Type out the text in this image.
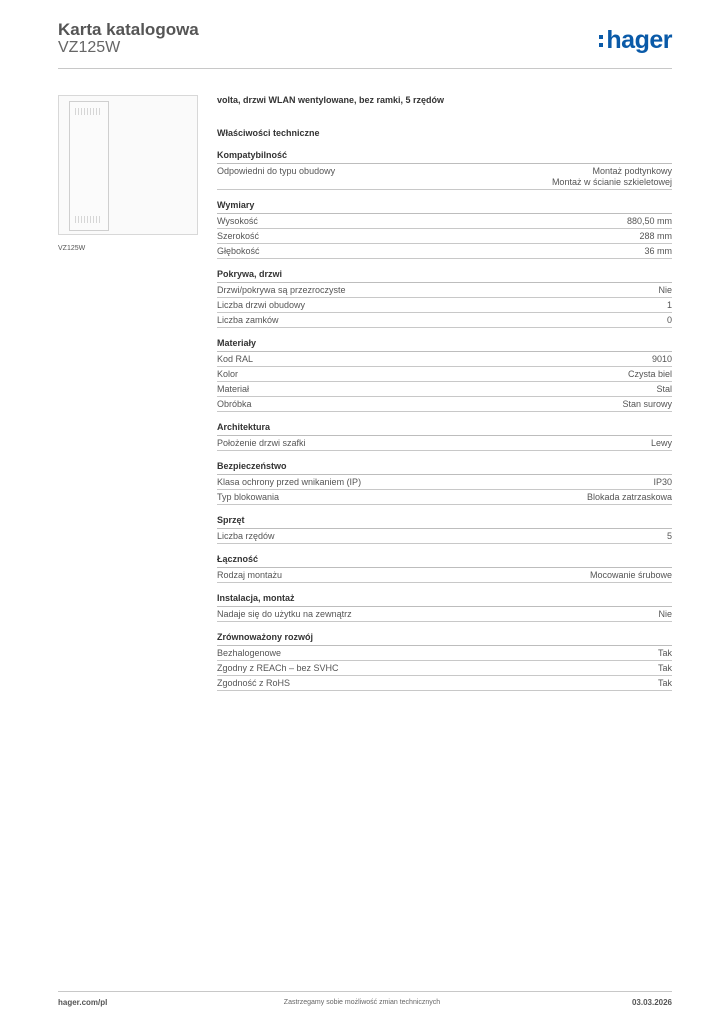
Karta katalogowa
VZ125W	hager
VZ125W
volta, drzwi WLAN wentylowane, bez ramki, 5 rzędów
Właściwości techniczne
Kompatybilność
Odpowiedni do typu obudowy	Montaż podtynkowy
Montaż w ścianie szkieletowej
Wymiary
Wysokość	880,50 mm
Szerokość	288 mm
Głębokość	36 mm
Pokrywa, drzwi
Drzwi/pokrywa są przezroczyste	Nie
Liczba drzwi obudowy	1
Liczba zamków	0
Materiały
Kod RAL	9010
Kolor	Czysta biel
Materiał	Stal
Obróbka	Stan surowy
Architektura
Położenie drzwi szafki	Lewy
Bezpieczeństwo
Klasa ochrony przed wnikaniem (IP)	IP30
Typ blokowania	Blokada zatrzaskowa
Sprzęt
Liczba rzędów	5
Łączność
Rodzaj montażu	Mocowanie śrubowe
Instalacja, montaż
Nadaje się do użytku na zewnątrz	Nie
Zrównoważony rozwój
Bezhalogenowe	Tak
Zgodny z REACh – bez SVHC	Tak
Zgodność z RoHS	Tak
hager.com/pl	Zastrzegamy sobie możliwość zmian technicznych	03.03.2026
